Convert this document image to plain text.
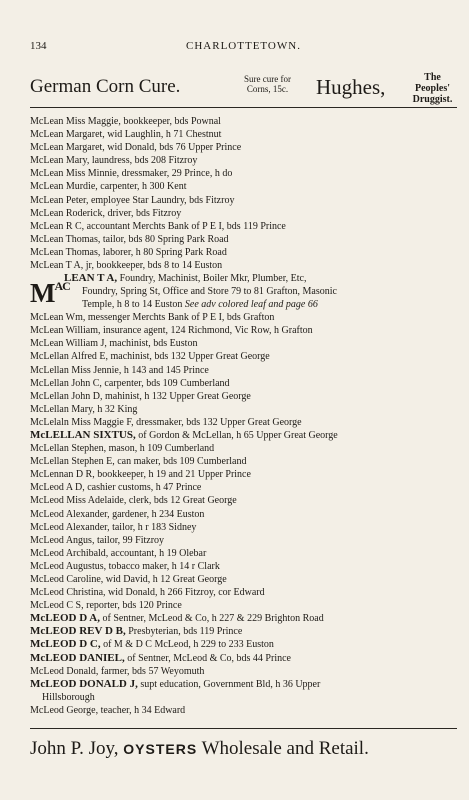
134	CHARLOTTETOWN.
German Corn Cure.	Sure cure for
Corns, 15c. Hughes,	The Peoples'
Druggist.
McLean Miss Maggie, bookkeeper, bds Pownal
McLean Margaret, wid Laughlin, h 71 Chestnut
McLean Margaret, wid Donald, bds 76 Upper Prince
McLean Mary, laundress, bds 208 Fitzroy
McLean Miss Minnie, dressmaker, 29 Prince, h do
McLean Murdie, carpenter, h 300 Kent
McLean Peter, employee Star Laundry, bds Fitzroy
McLean Roderick, driver, bds Fitzroy
McLean R C, accountant Merchts Bank of P E I, bds 119 Prince
McLean Thomas, tailor, bds 80 Spring Park Road
McLean Thomas, laborer, h 80 Spring Park Road
McLean T A, jr, bookkeeper, bds 8 to 14 Euston
$M^{AC}$
LEAN T A, Foundry, Machinist, Boiler Mkr, Plumber, Etc,
Foundry, Spring St, Office and Store 79 to 81 Grafton, Masonic
Temple, h 8 to 14 Euston See adv colored leaf and page 66
McLean Wm, messenger Merchts Bank of P E I, bds Grafton
McLean William, insurance agent, 124 Richmond, Vic Row, h Grafton
McLean William J, machinist, bds Euston
McLellan Alfred E, machinist, bds 132 Upper Great George
McLellan Miss Jennie, h 143 and 145 Prince
McLellan John C, carpenter, bds 109 Cumberland
McLellan John D, mahinist, h 132 Upper Great George
McLellan Mary, h 32 King
McLelaln Miss Maggie F, dressmaker, bds 132 Upper Great George
McLELLAN SIXTUS, of Gordon & McLellan, h 65 Upper Great George
McLellan Stephen, mason, h 109 Cumberland
McLellan Stephen E, can maker, bds 109 Cumberland
McLennan D R, bookkeeper, h 19 and 21 Upper Prince
McLeod A D, cashier customs, h 47 Prince
McLeod Miss Adelaide, clerk, bds 12 Great George
McLeod Alexander, gardener, h 234 Euston
McLeod Alexander, tailor, h r 183 Sidney
McLeod Angus, tailor, 99 Fitzroy
McLeod Archibald, accountant, h 19 Olebar
McLeod Augustus, tobacco maker, h 14 r Clark
McLeod Caroline, wid David, h 12 Great George
McLeod Christina, wid Donald, h 266 Fitzroy, cor Edward
McLeod C S, reporter, bds 120 Prince
McLEOD D A, of Sentner, McLeod & Co, h 227 & 229 Brighton Road
McLEOD REV D B, Presbyterian, bds 119 Prince
McLEOD D C, of M & D C McLeod, h 229 to 233 Euston
McLEOD DANIEL, of Sentner, McLeod & Co, bds 44 Prince
McLeod Donald, farmer, bds 57 Weyomuth
McLEOD DONALD J, supt education, Government Bld, h 36 Upper
Hillsborough
McLeod George, teacher, h 34 Edward
John P. Joy, OYSTERS Wholesale and Retail.
